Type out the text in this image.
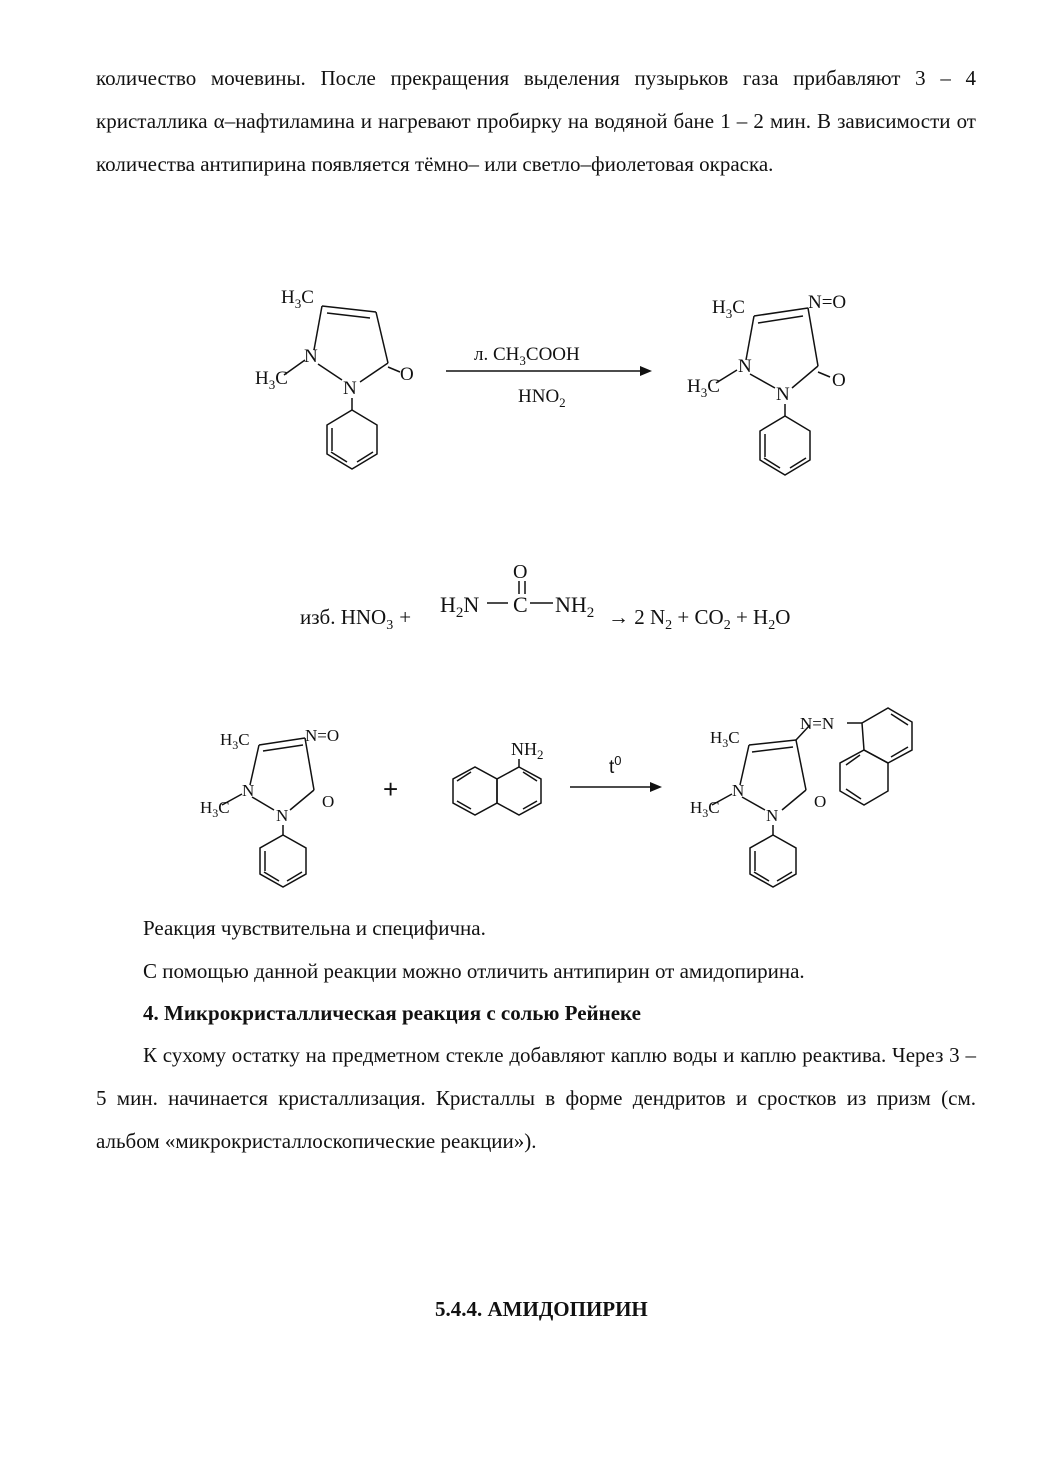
количество мочевины. После прекращения выделения пузырьков газа прибавляют 3 – 4 кристаллика α–нафтиламина и нагревают пробирку на водяной бане 1 – 2 мин. В зависимости от количества антипирина появляется тёмно– или светло–фиолетовая окраска.
$H_3C$
N
$H_3C$	O
N
л. $CH_3COOH$
$HNO_2$
$H_3C$	N=O
N
$H_3C$	O
N
изб. $HNO_3$ +
O
$H_2N$ C $NH_2 \to 2$ $N_2 + CO_2 + H_2O$
$H_3C$	N=O
N
$H_3C$	O
N
+
$NH_2$
$t^0$
$H_3C$
N=N
N
$H_3C$	O
N
Реакция чувствительна и специфична.
С помощью данной реакции можно отличить антипирин от амидопирина.
4. Микрокристаллическая реакция с солью Рейнеке
К сухому остатку на предметном стекле добавляют каплю воды и каплю реактива. Через 3 – 5 мин. начинается кристаллизация. Кристаллы в форме дендритов и сростков из призм (см. альбом «микрокристаллоскопические реакции»).
5.4.4. АМИДОПИРИН
